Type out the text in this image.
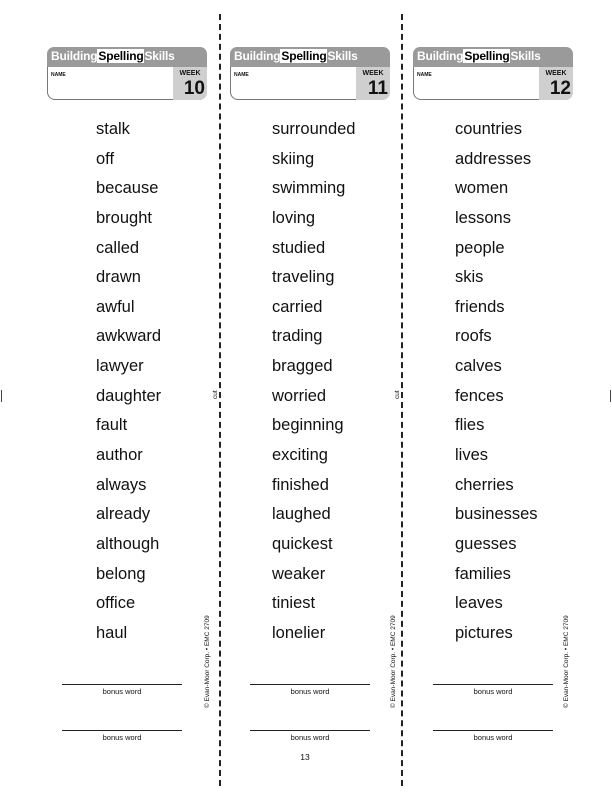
cut	cut
BuildingSpellingSkills
NAME	WEEK
10
stalk
off
because
brought
called
drawn
awful
awkward
lawyer
daughter
fault
author
always
already
although
belong
office
haul
bonus word
bonus word
© Evan-Moor Corp. • EMC 2709
BuildingSpellingSkills
NAME	WEEK
11
surrounded
skiing
swimming
loving
studied
traveling
carried
trading
bragged
worried
beginning
exciting
finished
laughed
quickest
weaker
tiniest
lonelier
bonus word
bonus word
© Evan-Moor Corp. • EMC 2709
BuildingSpellingSkills
NAME	WEEK
12
countries
addresses
women
lessons
people
skis
friends
roofs
calves
fences
flies
lives
cherries
businesses
guesses
families
leaves
pictures
bonus word
bonus word
© Evan-Moor Corp. • EMC 2709
13
